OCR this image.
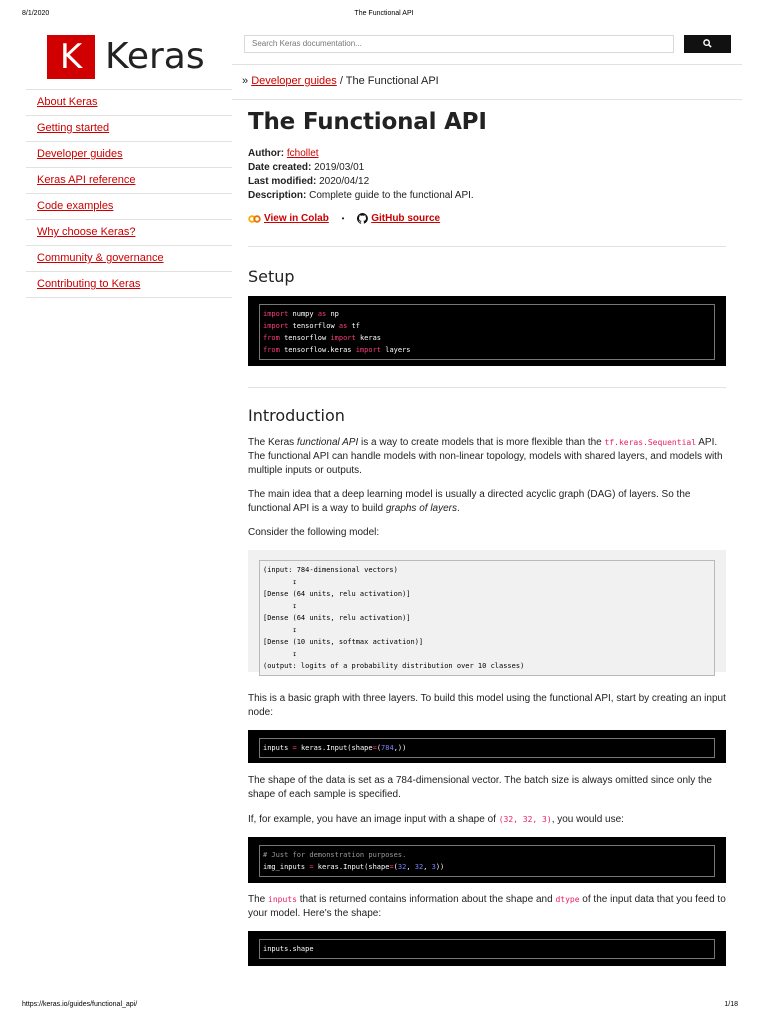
8/1/2020	The Functional API
K Keras	Search Keras documentation...
About Keras
Getting started
Developer guides
Keras API reference
Code examples
Why choose Keras?
Community & governance
Contributing to Keras
» Developer guides / The Functional API
The Functional API
Author: fchollet
Date created: 2019/03/01
Last modified: 2020/04/12
Description: Complete guide to the functional API.
View in Colab •	GitHub source
Setup
import numpy as np
import tensorflow as tf
from tensorflow import keras
from tensorflow.keras import layers
Introduction

The Keras functional API is a way to create models that is more flexible than the tf.keras.Sequential API. The functional API can handle models with non-linear topology, models with shared layers, and models with multiple inputs or outputs.

The main idea that a deep learning model is usually a directed acyclic graph (DAG) of layers. So the functional API is a way to build graphs of layers.

Consider the following model:

(input: 784-dimensional vectors)
↧
[Dense (64 units, relu activation)]
↧
[Dense (64 units, relu activation)]
↧
[Dense (10 units, softmax activation)]
↧
(output: logits of a probability distribution over 10 classes)

This is a basic graph with three layers. To build this model using the functional API, start by creating an input node:

inputs = keras.Input(shape=(784,))

The shape of the data is set as a 784-dimensional vector. The batch size is always omitted since only the shape of each sample is specified.

If, for example, you have an image input with a shape of (32, 32, 3), you would use:

# Just for demonstration purposes.
img_inputs = keras.Input(shape=(32, 32, 3))

The inputs that is returned contains information about the shape and dtype of the input data that you feed to your model. Here's the shape:

inputs.shape
https://keras.io/guides/functional_api/	1/18
